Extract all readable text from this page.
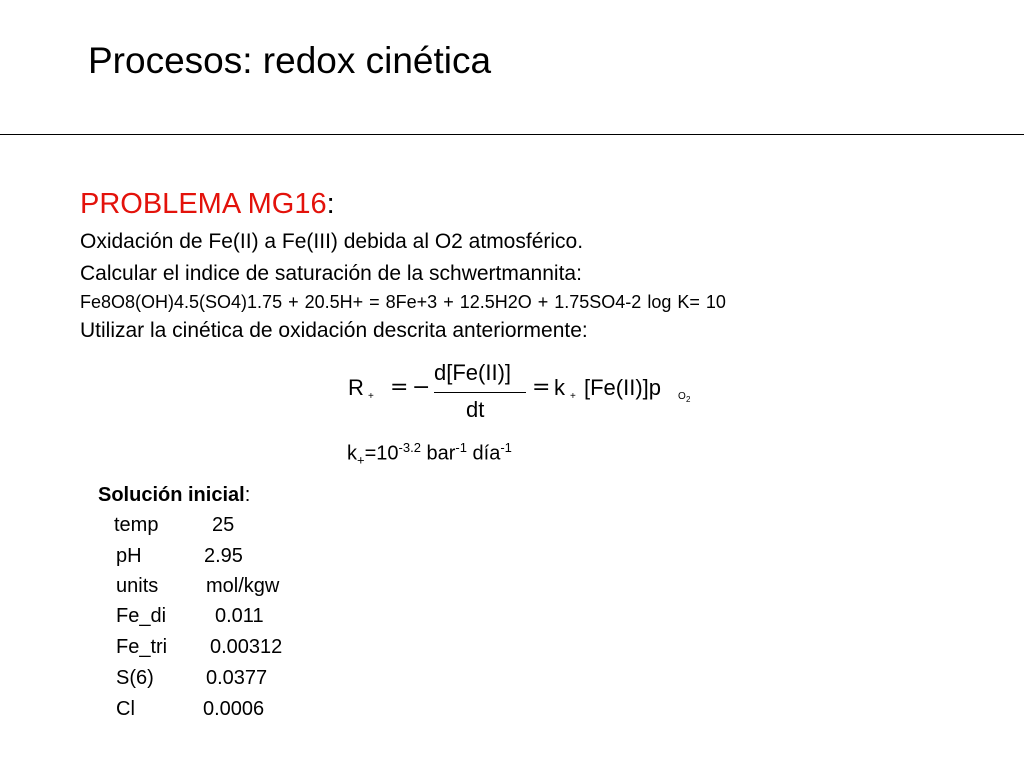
Procesos: redox cinética
PROBLEMA MG16:
Oxidación de Fe(II) a Fe(III) debida al O2 atmosférico.
Calcular el indice de saturación de la schwertmannita:
Fe8O8(OH)4.5(SO4)1.75 + 20.5H+ = 8Fe+3 + 12.5H2O + 1.75SO4-2 log K= 10
Utilizar la cinética de oxidación descrita anteriormente:
R + = −
d[Fe(II)]
dt
= k + [Fe(II)]p O 2
$k_+=10^{-3.2}$ bar$^{-1}$ día$^{-1}$
Solución inicial:
temp	25
pH	2.95
units mol/kgw
Fe_di 0.011
Fe_tri 0.00312
S(6)	0.0377
Cl	0.0006
